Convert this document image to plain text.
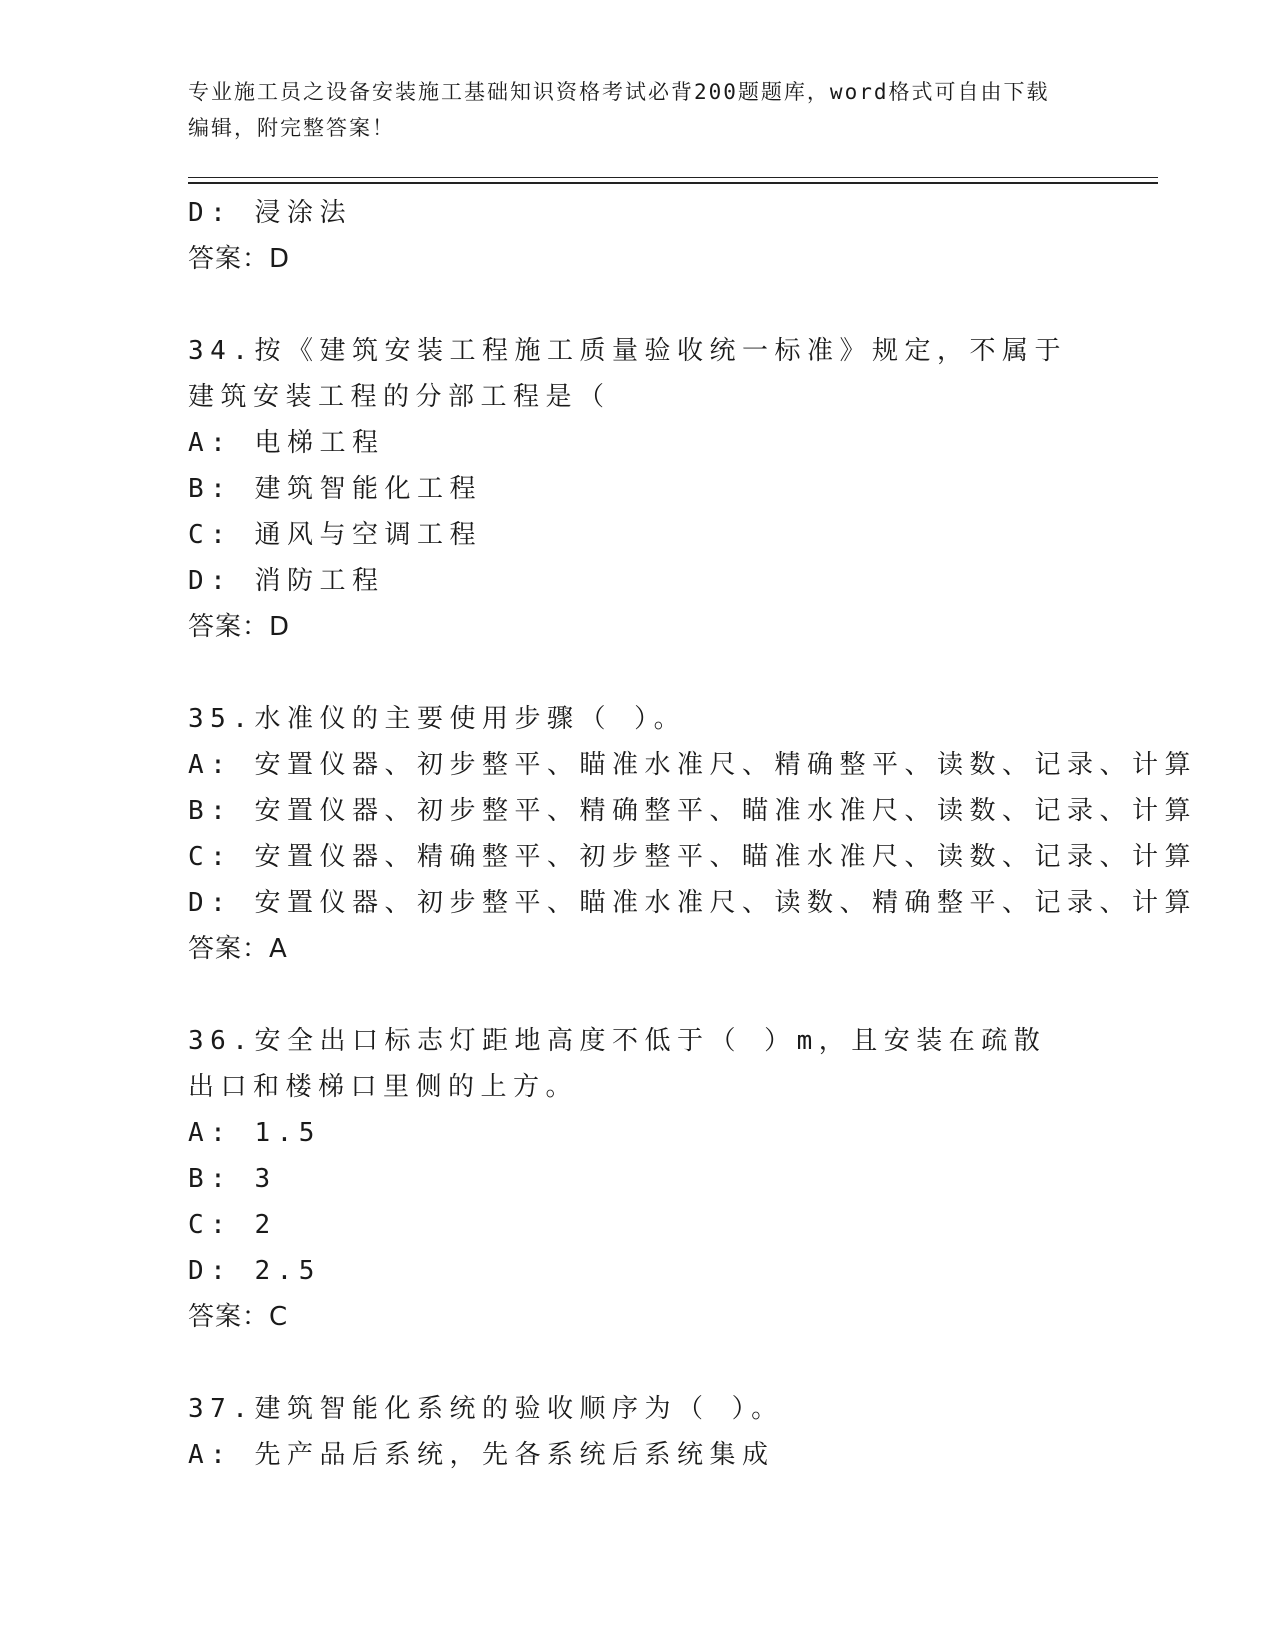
专业施工员之设备安装施工基础知识资格考试必背200题题库，word格式可自由下载编辑，附完整答案！
D: 浸涂法
答案：D
34.按《建筑安装工程施工质量验收统一标准》规定，不属于建筑安装工程的分部工程是（
A: 电梯工程
B: 建筑智能化工程
C: 通风与空调工程
D: 消防工程
答案：D
35.水准仪的主要使用步骤（ ）。
A: 安置仪器、初步整平、瞄准水准尺、精确整平、读数、记录、计算
B: 安置仪器、初步整平、精确整平、瞄准水准尺、读数、记录、计算
C: 安置仪器、精确整平、初步整平、瞄准水准尺、读数、记录、计算
D: 安置仪器、初步整平、瞄准水准尺、读数、精确整平、记录、计算
答案：A
36.安全出口标志灯距地高度不低于（ ）m，且安装在疏散出口和楼梯口里侧的上方。
A: 1.5
B: 3
C: 2
D: 2.5
答案：C
37.建筑智能化系统的验收顺序为（ ）。
A: 先产品后系统，先各系统后系统集成
